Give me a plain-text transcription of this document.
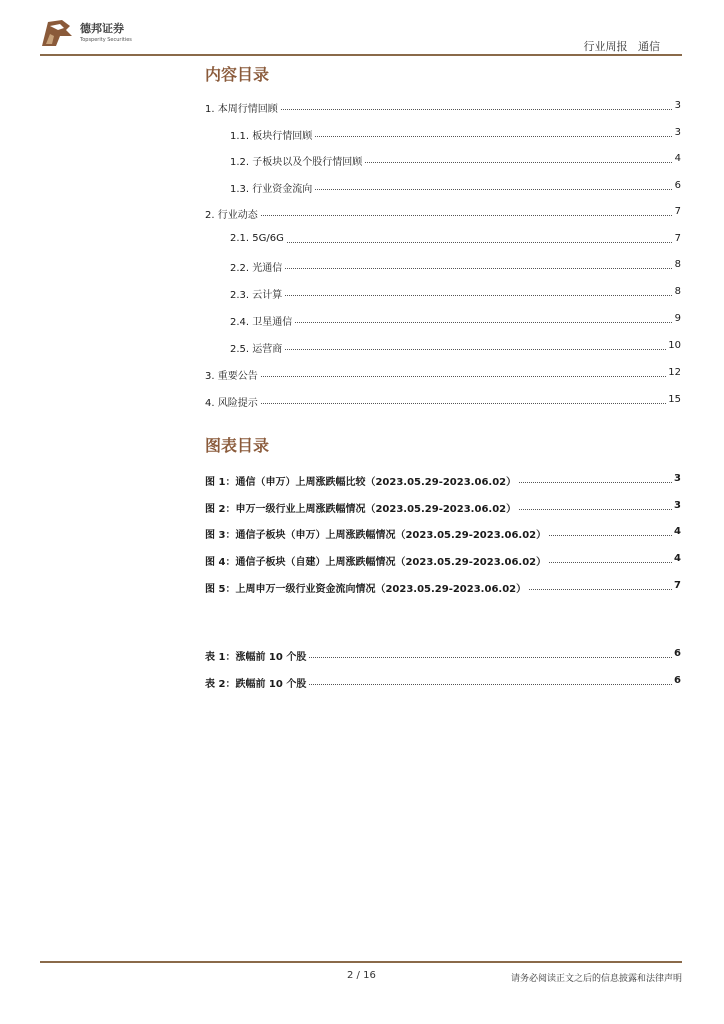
德邦证券
Topsperity Securities	行业周报 通信
内容目录
1. 本周行情回顾	3
1.1. 板块行情回顾	3
1.2. 子板块以及个股行情回顾	4
1.3. 行业资金流向	6
2. 行业动态	7
2.1. 5G/6G	7
2.2. 光通信	8
2.3. 云计算	8
2.4. 卫星通信	9
2.5. 运营商	10
3. 重要公告	12
4. 风险提示	15
图表目录
图 1：通信（申万）上周涨跌幅比较（2023.05.29-2023.06.02）	3
图 2：申万一级行业上周涨跌幅情况（2023.05.29-2023.06.02）	3
图 3：通信子板块（申万）上周涨跌幅情况（2023.05.29-2023.06.02）	4
图 4：通信子板块（自建）上周涨跌幅情况（2023.05.29-2023.06.02）	4
图 5：上周申万一级行业资金流向情况（2023.05.29-2023.06.02）	7
表 1：涨幅前 10 个股	6
表 2：跌幅前 10 个股	6
2 / 16	请务必阅读正文之后的信息披露和法律声明
